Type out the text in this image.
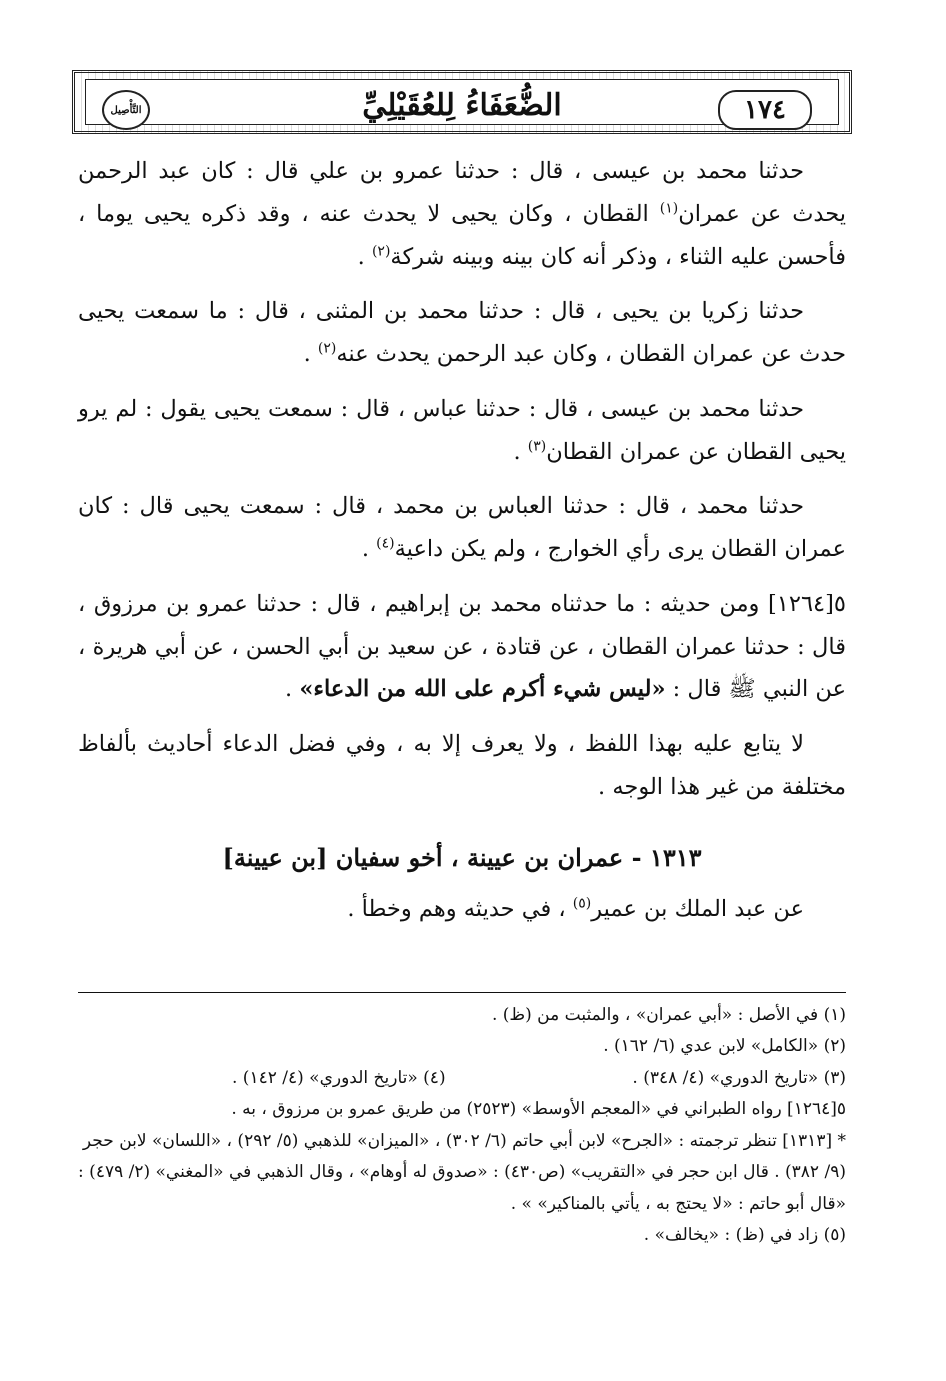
١٧٤
الضُّعَفَاءُ لِلعُقَيْلِيِّ
التَّأْصِيل

حدثنا محمد بن عيسى ، قال : حدثنا عمرو بن علي قال : كان عبد الرحمن يحدث عن عمران$^{(١)}$ القطان ، وكان يحيى لا يحدث عنه ، وقد ذكره يحيى يوما ، فأحسن عليه الثناء ، وذكر أنه كان بينه وبينه شركة$^{(٢)}$ .

حدثنا زكريا بن يحيى ، قال : حدثنا محمد بن المثنى ، قال : ما سمعت يحيى حدث عن عمران القطان ، وكان عبد الرحمن يحدث عنه$^{(٢)}$ .

حدثنا محمد بن عيسى ، قال : حدثنا عباس ، قال : سمعت يحيى يقول : لم يرو يحيى القطان عن عمران القطان$^{(٣)}$ .

حدثنا محمد ، قال : حدثنا العباس بن محمد ، قال : سمعت يحيى قال : كان عمران القطان يرى رأي الخوارج ، ولم يكن داعية$^{(٤)}$ .

٥[١٢٦٤] ومن حديثه : ما حدثناه محمد بن إبراهيم ، قال : حدثنا عمرو بن مرزوق ، قال : حدثنا عمران القطان ، عن قتادة ، عن سعيد بن أبي الحسن ، عن أبي هريرة ، عن النبي ﷺ قال : «ليس شيء أكرم على الله من الدعاء» .

لا يتابع عليه بهذا اللفظ ، ولا يعرف إلا به ، وفي فضل الدعاء أحاديث بألفاظ مختلفة من غير هذا الوجه .

١٣١٣ - عمران بن عيينة ، أخو سفيان [بن عيينة]

عن عبد الملك بن عمير$^{(٥)}$ ، في حديثه وهم وخطأ .

(١) في الأصل : «أبي عمران» ، والمثبت من (ظ) .

(٢) «الكامل» لابن عدي (٦/ ١٦٢) .

(٣) «تاريخ الدوري» (٤/ ٣٤٨) .
(٤) «تاريخ الدوري» (٤/ ١٤٢) .

٥[١٢٦٤] رواه الطبراني في «المعجم الأوسط» (٢٥٢٣) من طريق عمرو بن مرزوق ، به .

* [١٣١٣] تنظر ترجمته : «الجرح» لابن أبي حاتم (٦/ ٣٠٢) ، «الميزان» للذهبي (٥/ ٢٩٢) ، «اللسان» لابن حجر (٩/ ٣٨٢) . قال ابن حجر في «التقريب» (ص٤٣٠) : «صدوق له أوهام» ، وقال الذهبي في «المغني» (٢/ ٤٧٩) : «قال أبو حاتم : «لا يحتج به ، يأتي بالمناكير» » .

(٥) زاد في (ظ) : «يخالف» .
